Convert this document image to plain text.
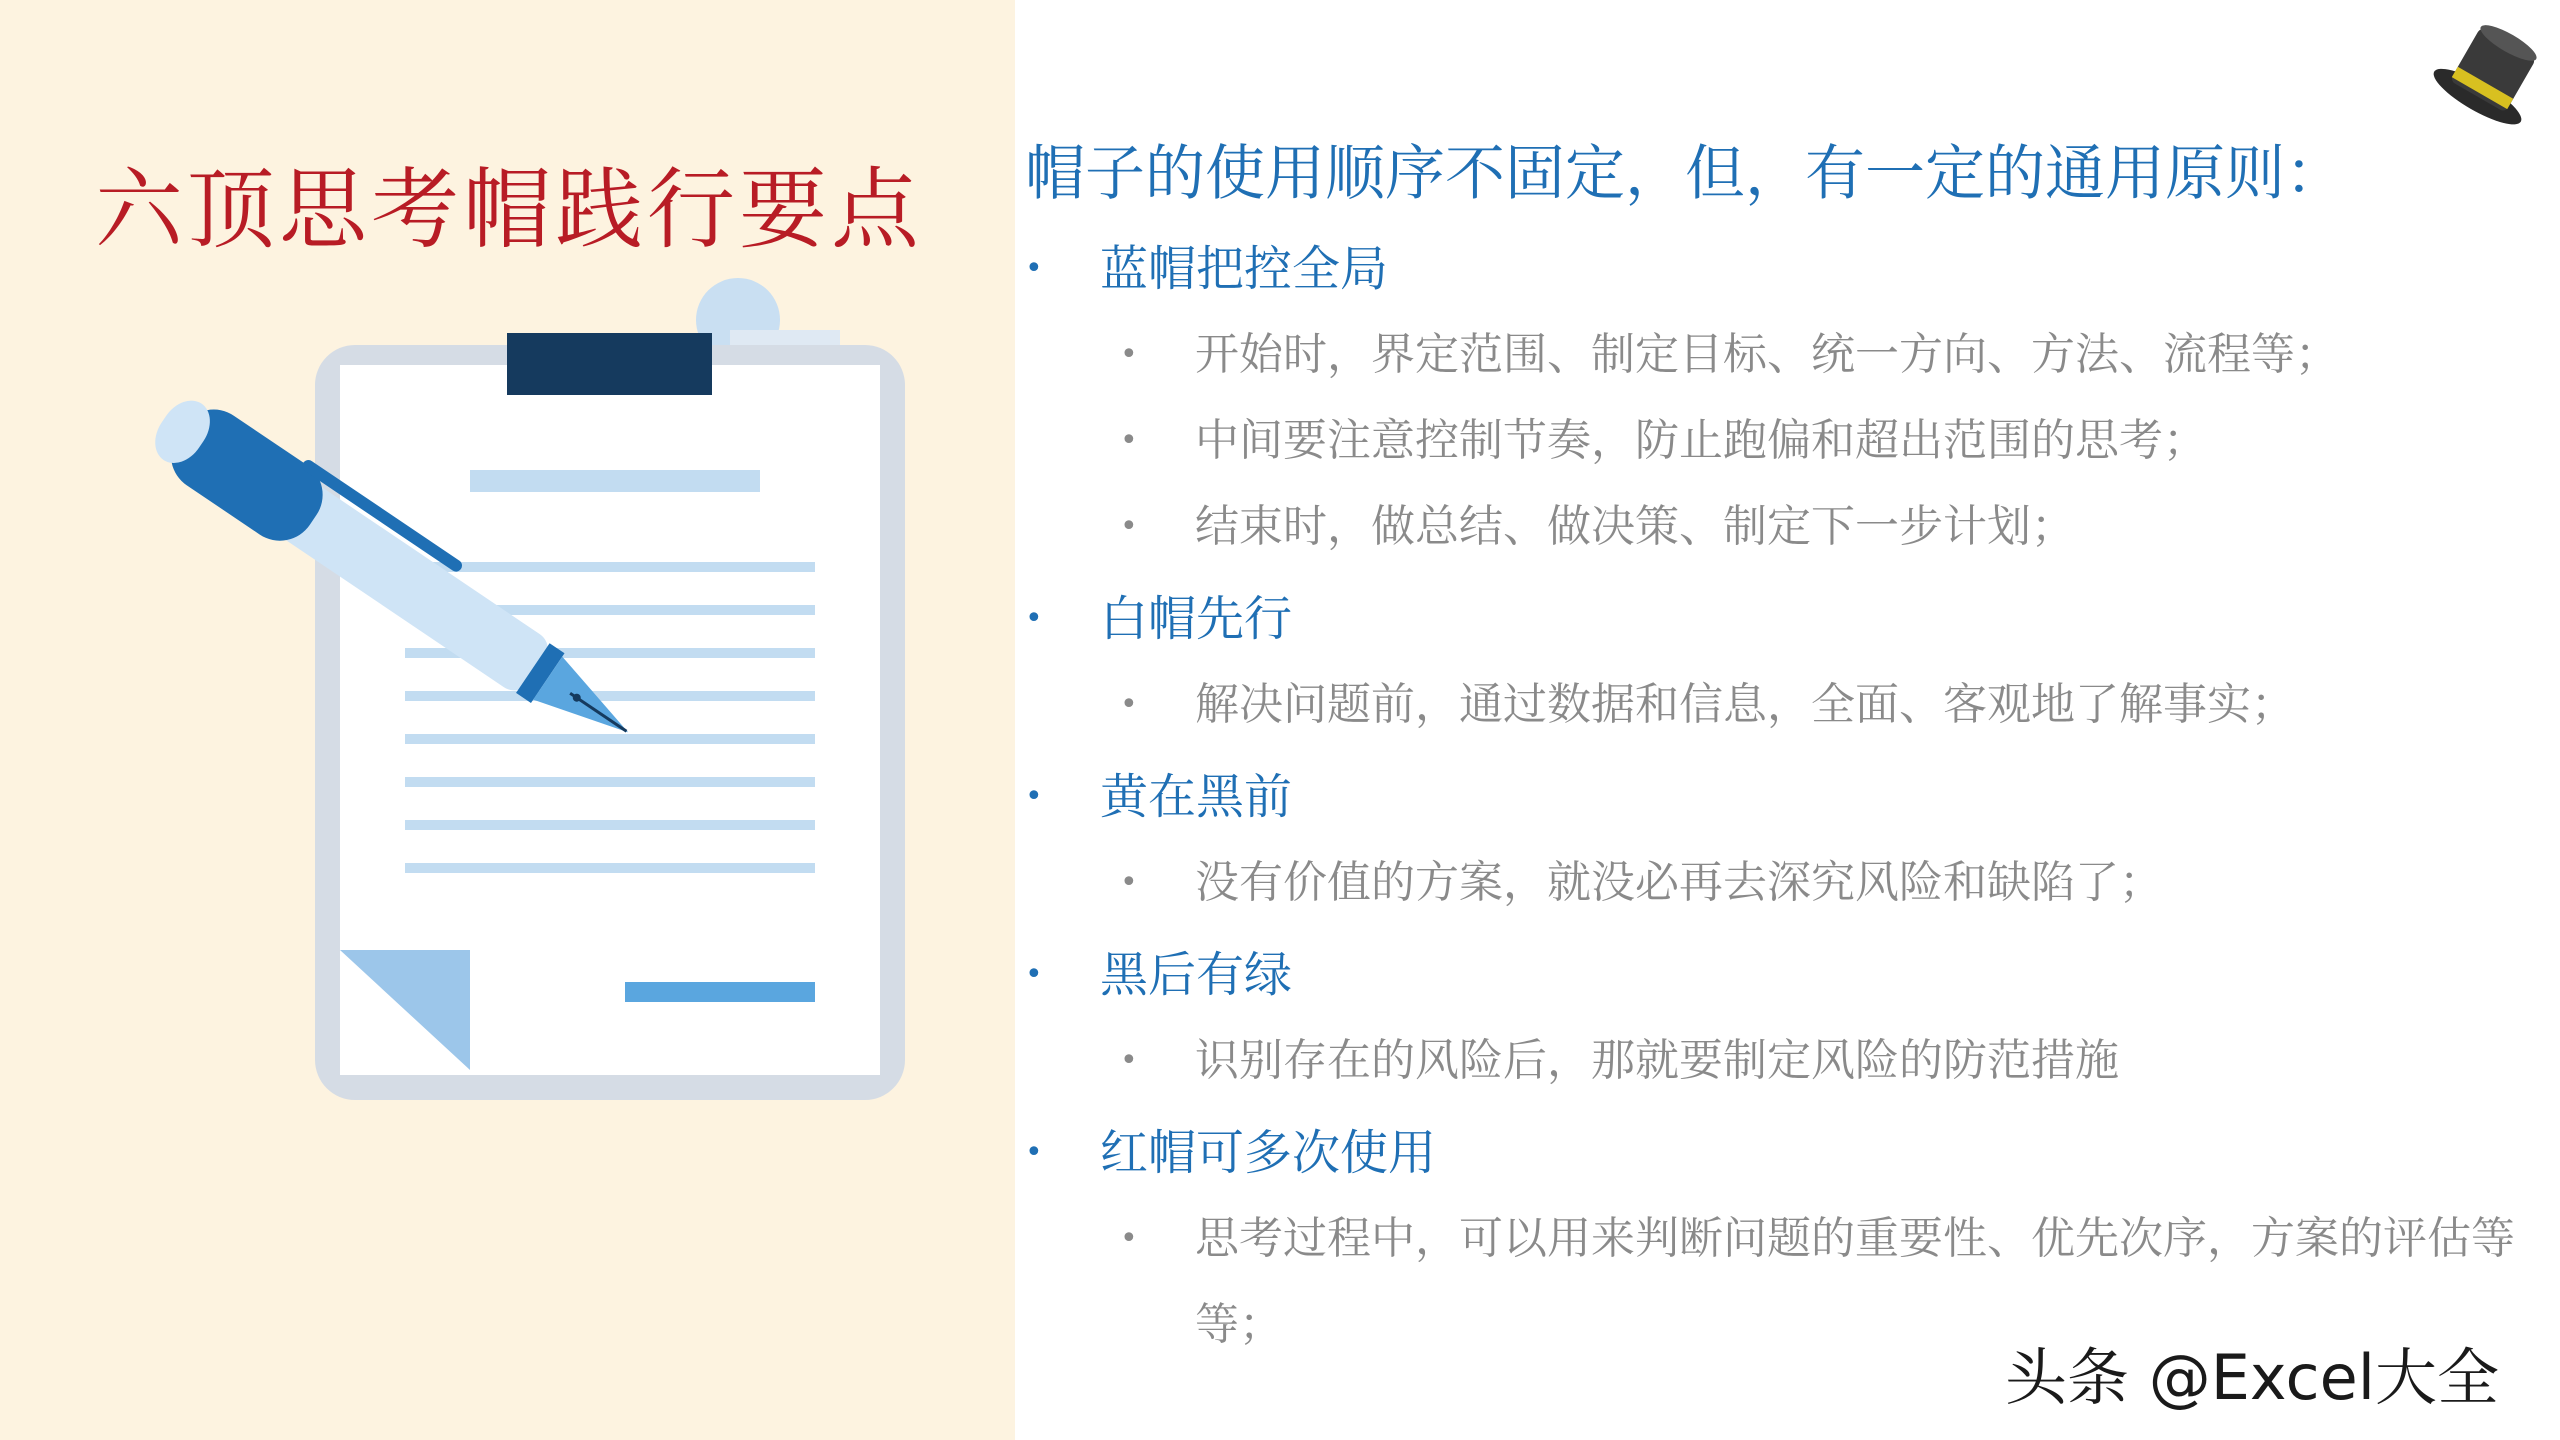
六顶思考帽践行要点 帽子的使用顺序不固定，但，有一定的通用原则：
• 蓝帽把控全局
• 开始时，界定范围、制定目标、统一方向、方法、流程等；
• 中间要注意控制节奏，防止跑偏和超出范围的思考；
• 结束时，做总结、做决策、制定下一步计划；
• 白帽先行
• 解决问题前，通过数据和信息，全面、客观地了解事实；
• 黄在黑前
• 没有价值的方案，就没必再去深究风险和缺陷了；
• 黑后有绿
• 识别存在的风险后，那就要制定风险的防范措施
• 红帽可多次使用
• 思考过程中，可以用来判断问题的重要性、优先次序，方案的评估等等；
头条 @Excel大全
